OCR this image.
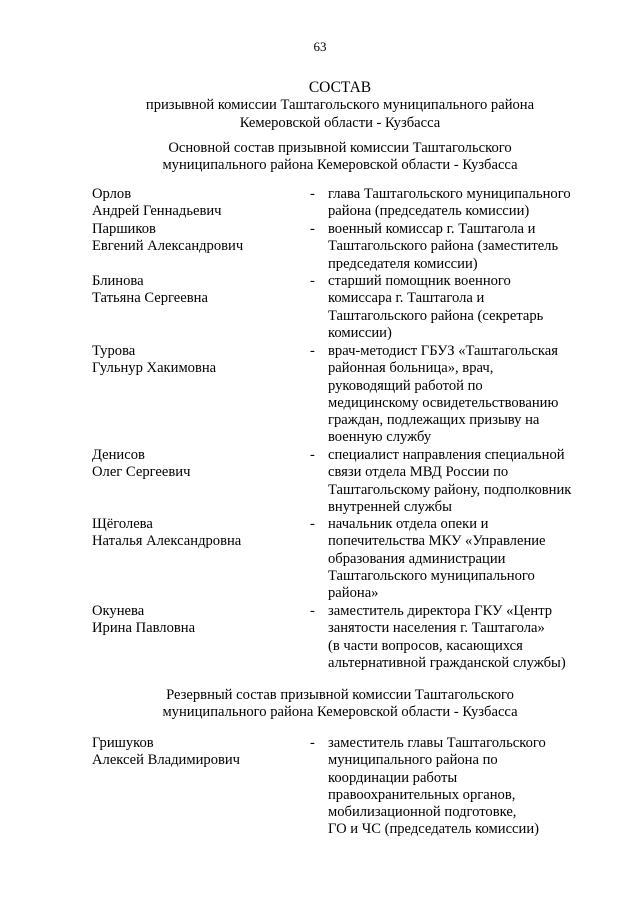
63
СОСТАВ
призывной комиссии Таштагольского муниципального района
Кемеровской области - Кузбасса
Основной состав призывной комиссии Таштагольского
муниципального района Кемеровской области - Кузбасса
Орлов
Андрей Геннадьевич
- глава Таштагольского муниципального
района (председатель комиссии)
Паршиков
Евгений Александрович
- военный комиссар г. Таштагола и
Таштагольского района (заместитель
председателя комиссии)
Блинова
Татьяна Сергеевна
- старший помощник военного
комиссара г. Таштагола и
Таштагольского района (секретарь
комиссии)
Турова
Гульнур Хакимовна
- врач-методист ГБУЗ «Таштагольская
районная больница», врач,
руководящий работой по
медицинскому освидетельствованию
граждан, подлежащих призыву на
военную службу
Денисов
Олег Сергеевич
- специалист направления специальной
связи отдела МВД России по
Таштагольскому району, подполковник
внутренней службы
Щёголева
Наталья Александровна
- начальник отдела опеки и
попечительства МКУ «Управление
образования администрации
Таштагольского муниципального
района»
Окунева
Ирина Павловна
- заместитель директора ГКУ «Центр
занятости населения г. Таштагола»
(в части вопросов, касающихся
альтернативной гражданской службы)
Резервный состав призывной комиссии Таштагольского
муниципального района Кемеровской области - Кузбасса
Гришуков
Алексей Владимирович
- заместитель главы Таштагольского
муниципального района по
координации работы
правоохранительных органов,
мобилизационной подготовке,
ГО и ЧС (председатель комиссии)
